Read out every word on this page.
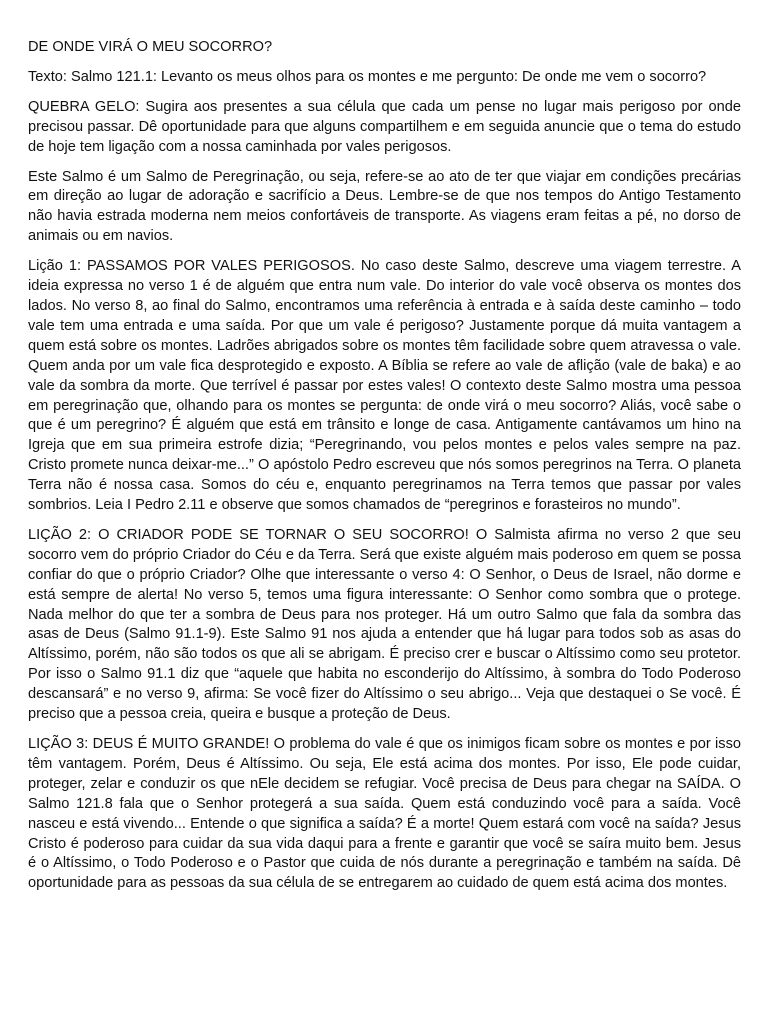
DE ONDE VIRÁ O MEU SOCORRO?

Texto: Salmo 121.1: Levanto os meus olhos para os montes e me pergunto: De onde me vem o socorro?

QUEBRA GELO: Sugira aos presentes a sua célula que cada um pense no lugar mais perigoso por onde precisou passar. Dê oportunidade para que alguns compartilhem e em seguida anuncie que o tema do estudo de hoje tem ligação com a nossa caminhada por vales perigosos.

Este Salmo é um Salmo de Peregrinação, ou seja, refere-se ao ato de ter que viajar em condições precárias em direção ao lugar de adoração e sacrifício a Deus. Lembre-se de que nos tempos do Antigo Testamento não havia estrada moderna nem meios confortáveis de transporte. As viagens eram feitas a pé, no dorso de animais ou em navios.

Lição 1: PASSAMOS POR VALES PERIGOSOS. No caso deste Salmo, descreve uma viagem terrestre. A ideia expressa no verso 1 é de alguém que entra num vale. Do interior do vale você observa os montes dos lados. No verso 8, ao final do Salmo, encontramos uma referência à entrada e à saída deste caminho – todo vale tem uma entrada e uma saída. Por que um vale é perigoso? Justamente porque dá muita vantagem a quem está sobre os montes. Ladrões abrigados sobre os montes têm facilidade sobre quem atravessa o vale. Quem anda por um vale fica desprotegido e exposto. A Bíblia se refere ao vale de aflição (vale de baka) e ao vale da sombra da morte. Que terrível é passar por estes vales! O contexto deste Salmo mostra uma pessoa em peregrinação que, olhando para os montes se pergunta: de onde virá o meu socorro? Aliás, você sabe o que é um peregrino? É alguém que está em trânsito e longe de casa. Antigamente cantávamos um hino na Igreja que em sua primeira estrofe dizia; “Peregrinando, vou pelos montes e pelos vales sempre na paz. Cristo promete nunca deixar-me...” O apóstolo Pedro escreveu que nós somos peregrinos na Terra. O planeta Terra não é nossa casa. Somos do céu e, enquanto peregrinamos na Terra temos que passar por vales sombrios. Leia I Pedro 2.11 e observe que somos chamados de “peregrinos e forasteiros no mundo”.

LIÇÃO 2: O CRIADOR PODE SE TORNAR O SEU SOCORRO! O Salmista afirma no verso 2 que seu socorro vem do próprio Criador do Céu e da Terra. Será que existe alguém mais poderoso em quem se possa confiar do que o próprio Criador? Olhe que interessante o verso 4: O Senhor, o Deus de Israel, não dorme e está sempre de alerta! No verso 5, temos uma figura interessante: O Senhor como sombra que o protege. Nada melhor do que ter a sombra de Deus para nos proteger. Há um outro Salmo que fala da sombra das asas de Deus (Salmo 91.1-9). Este Salmo 91 nos ajuda a entender que há lugar para todos sob as asas do Altíssimo, porém, não são todos os que ali se abrigam. É preciso crer e buscar o Altíssimo como seu protetor. Por isso o Salmo 91.1 diz que “aquele que habita no esconderijo do Altíssimo, à sombra do Todo Poderoso descansará” e no verso 9, afirma: Se você fizer do Altíssimo o seu abrigo... Veja que destaquei o Se você. É preciso que a pessoa creia, queira e busque a proteção de Deus.

LIÇÃO 3: DEUS É MUITO GRANDE! O problema do vale é que os inimigos ficam sobre os montes e por isso têm vantagem. Porém, Deus é Altíssimo. Ou seja, Ele está acima dos montes. Por isso, Ele pode cuidar, proteger, zelar e conduzir os que nEle decidem se refugiar. Você precisa de Deus para chegar na SAÍDA. O Salmo 121.8 fala que o Senhor protegerá a sua saída. Quem está conduzindo você para a saída. Você nasceu e está vivendo... Entende o que significa a saída? É a morte! Quem estará com você na saída? Jesus Cristo é poderoso para cuidar da sua vida daqui para a frente e garantir que você se saíra muito bem. Jesus é o Altíssimo, o Todo Poderoso e o Pastor que cuida de nós durante a peregrinação e também na saída. Dê oportunidade para as pessoas da sua célula de se entregarem ao cuidado de quem está acima dos montes.
